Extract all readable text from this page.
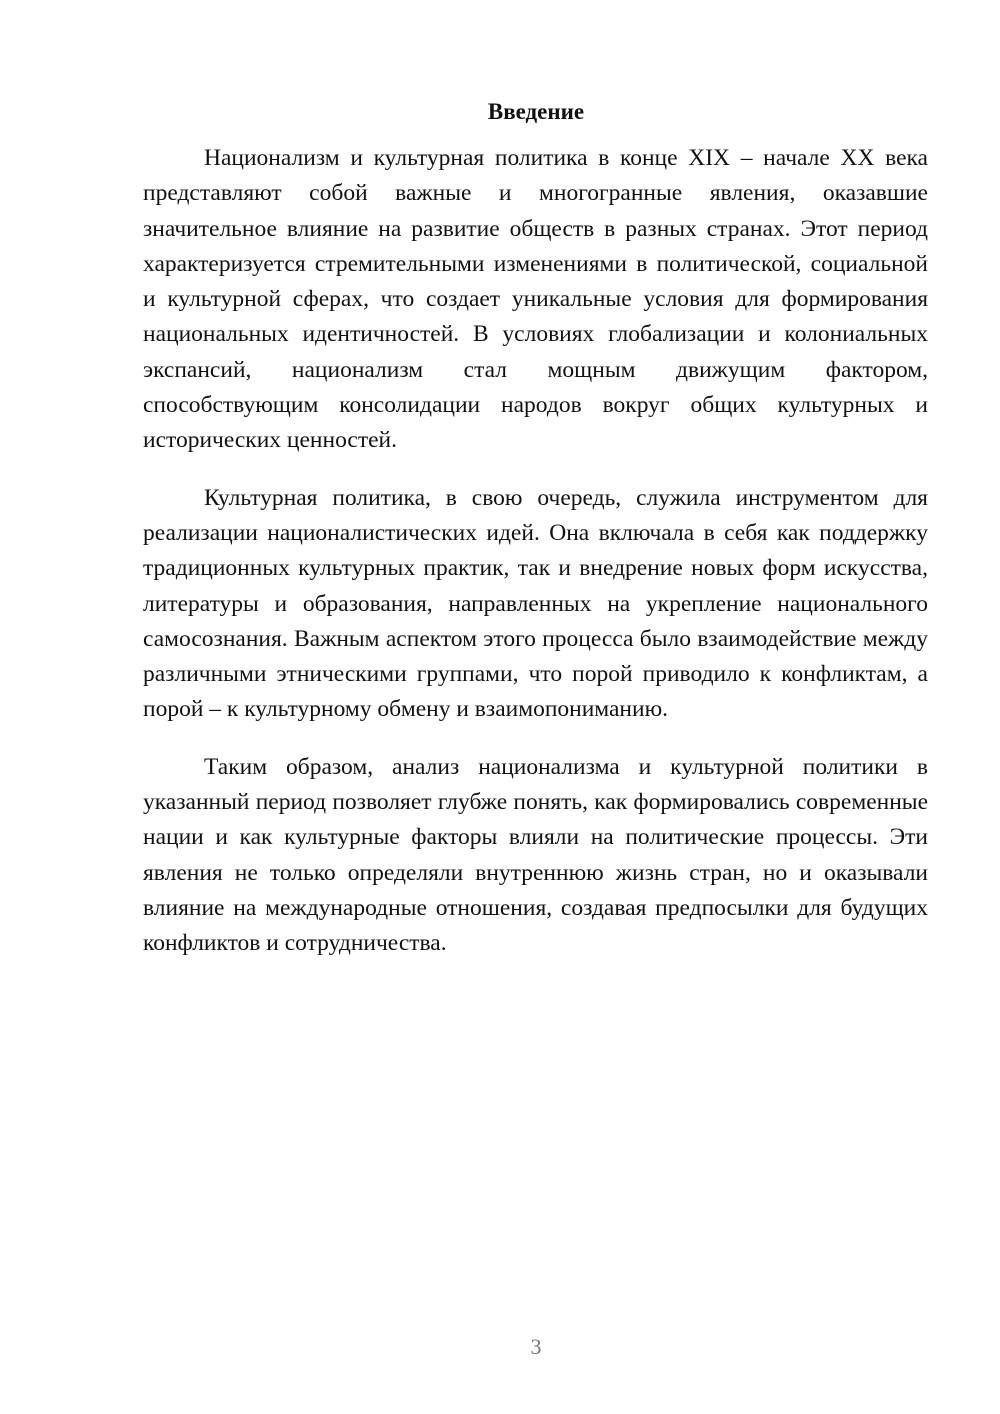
Введение

Национализм и культурная политика в конце XIX – начале XX века представляют собой важные и многогранные явления, оказавшие значительное влияние на развитие обществ в разных странах. Этот период характеризуется стремительными изменениями в политической, социальной и культурной сферах, что создает уникальные условия для формирования национальных идентичностей. В условиях глобализации и колониальных экспансий, национализм стал мощным движущим фактором, способствующим консолидации народов вокруг общих культурных и исторических ценностей.

Культурная политика, в свою очередь, служила инструментом для реализации националистических идей. Она включала в себя как поддержку традиционных культурных практик, так и внедрение новых форм искусства, литературы и образования, направленных на укрепление национального самосознания. Важным аспектом этого процесса было взаимодействие между различными этническими группами, что порой приводило к конфликтам, а порой – к культурному обмену и взаимопониманию.

Таким образом, анализ национализма и культурной политики в указанный период позволяет глубже понять, как формировались современные нации и как культурные факторы влияли на политические процессы. Эти явления не только определяли внутреннюю жизнь стран, но и оказывали влияние на международные отношения, создавая предпосылки для будущих конфликтов и сотрудничества.

3
